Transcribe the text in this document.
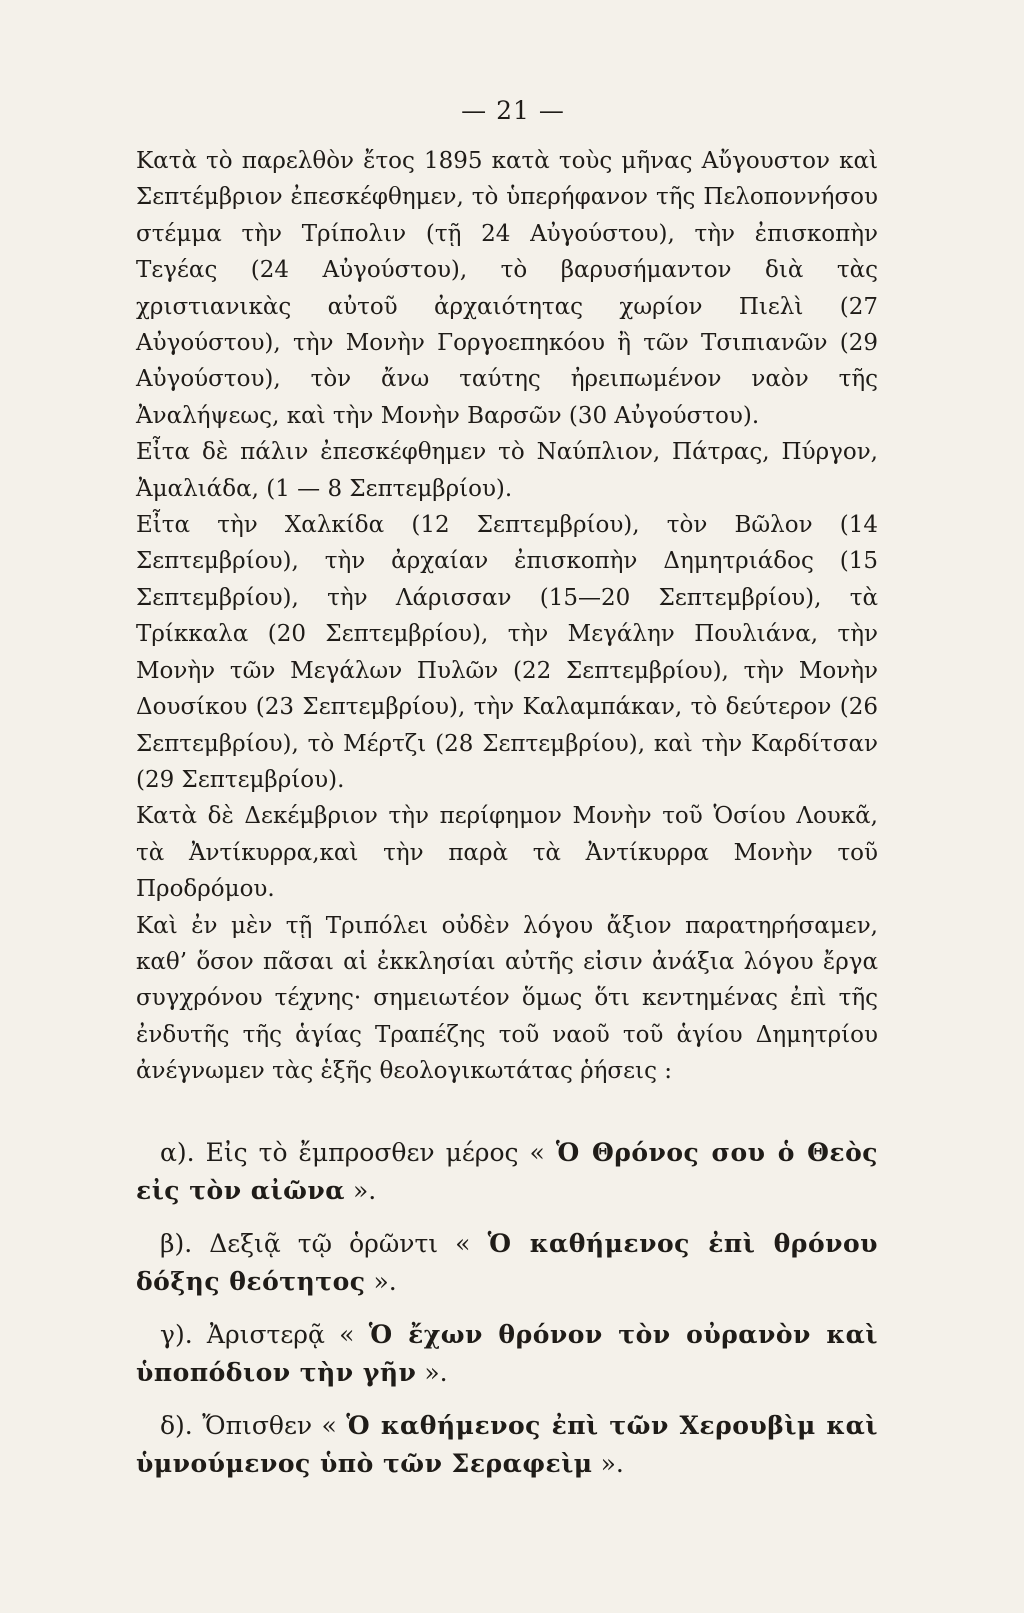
— 21 —

Κατὰ τὸ παρελθὸν ἔτος 1895 κατὰ τοὺς μῆνας Αὔγουστον καὶ Σεπτέμβριον ἐπεσκέφθημεν, τὸ ὑπερήφανον τῆς Πελοποννήσου στέμμα τὴν Τρίπολιν (τῇ 24 Αὐγούστου), τὴν ἐπισκοπὴν Τεγέας (24 Αὐγούστου), τὸ βαρυσήμαντον διὰ τὰς χριστιανικὰς αὐτοῦ ἀρχαιότητας χωρίον Πιελὶ (27 Αὐγούστου), τὴν Μονὴν Γοργοεπηκόου ἢ τῶν Τσιπιανῶν (29 Αὐγούστου), τὸν ἄνω ταύτης ἠρειπωμένον ναὸν τῆς Ἀναλήψεως, καὶ τὴν Μονὴν Βαρσῶν (30 Αὐγούστου).

Εἶτα δὲ πάλιν ἐπεσκέφθημεν τὸ Ναύπλιον, Πάτρας, Πύργον, Ἀμαλιάδα, (1 — 8 Σεπτεμβρίου).

Εἶτα τὴν Χαλκίδα (12 Σεπτεμβρίου), τὸν Βῶλον (14 Σεπτεμβρίου), τὴν ἀρχαίαν ἐπισκοπὴν Δημητριάδος (15 Σεπτεμβρίου), τὴν Λάρισσαν (15—20 Σεπτεμβρίου), τὰ Τρίκκαλα (20 Σεπτεμβρίου), τὴν Μεγάλην Πουλιάνα, τὴν Μονὴν τῶν Μεγάλων Πυλῶν (22 Σεπτεμβρίου), τὴν Μονὴν Δουσίκου (23 Σεπτεμβρίου), τὴν Καλαμπάκαν, τὸ δεύτερον (26 Σεπτεμβρίου), τὸ Μέρτζι (28 Σεπτεμβρίου), καὶ τὴν Καρδίτσαν (29 Σεπτεμβρίου).

Κατὰ δὲ Δεκέμβριον τὴν περίφημον Μονὴν τοῦ Ὁσίου Λουκᾶ, τὰ Ἀντίκυρρα,καὶ τὴν παρὰ τὰ Ἀντίκυρρα Μονὴν τοῦ Προδρόμου.

Καὶ ἐν μὲν τῇ Τριπόλει οὐδὲν λόγου ἄξιον παρατηρήσαμεν, καθ’ ὅσον πᾶσαι αἱ ἐκκλησίαι αὐτῆς εἰσιν ἀνάξια λόγου ἔργα συγχρόνου τέχνης· σημειωτέον ὅμως ὅτι κεντημένας ἐπὶ τῆς ἐνδυτῆς τῆς ἁγίας Τραπέζης τοῦ ναοῦ τοῦ ἁγίου Δημητρίου ἀνέγνωμεν τὰς ἑξῆς θεολογικωτάτας ῥήσεις :

α). Εἰς τὸ ἔμπροσθεν μέρος « Ὁ Θρόνος σου ὁ Θεὸς εἰς τὸν αἰῶνα ».

β). Δεξιᾷ τῷ ὁρῶντι « Ὁ καθήμενος ἐπὶ θρόνου δόξης θεότητος ».

γ). Ἀριστερᾷ « Ὁ ἔχων θρόνον τὸν οὐρανὸν καὶ ὑποπόδιον τὴν γῆν ».

δ). Ὄπισθεν « Ὁ καθήμενος ἐπὶ τῶν Χερουβὶμ καὶ ὑμνούμενος ὑπὸ τῶν Σεραφεὶμ ».
